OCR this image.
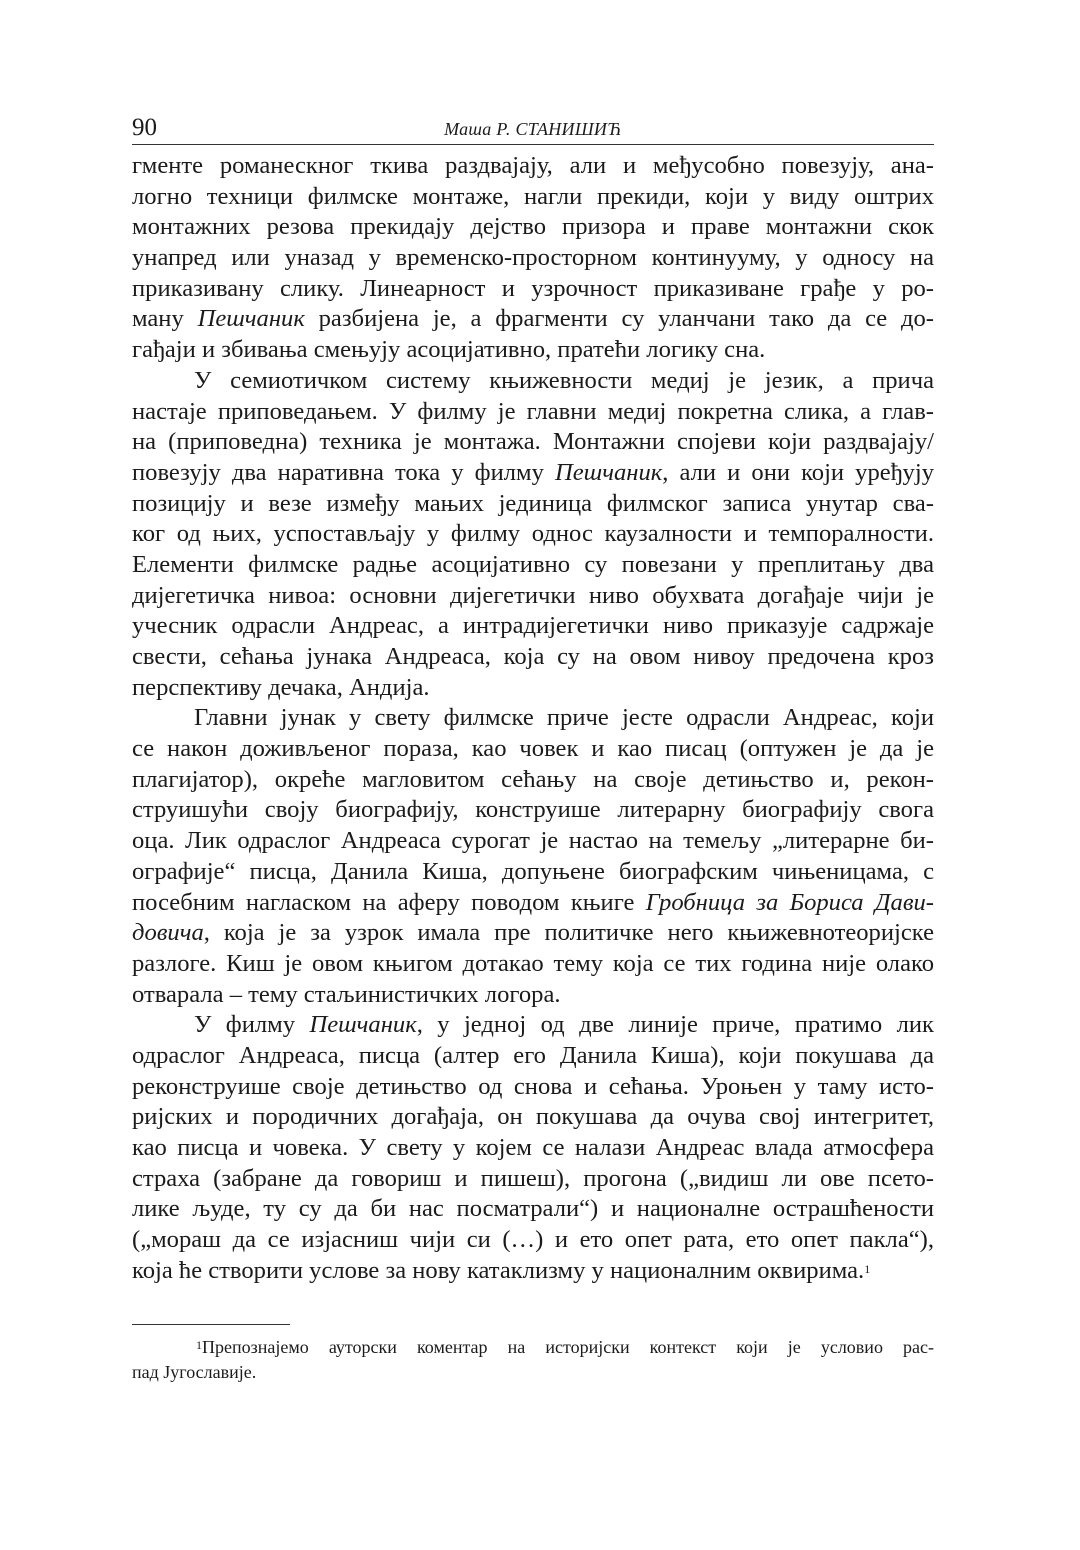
90	Маша Р. СТАНИШИЋ
гменте романескног ткива раздвајају, али и међусобно повезују, ана-
логно техници филмске монтаже, нагли прекиди, који у виду оштрих
монтажних резова прекидају дејство призора и праве монтажни скок
унапред или уназад у временско-просторном континууму, у односу на
приказивану слику. Линеарност и узрочност приказиване грађе у ро-
ману Пешчаник разбијена је, а фрагменти су уланчани тако да се до-
гађаји и збивања смењују асоцијативно, пратећи логику сна.
У семиотичком систему књижевности медиј је језик, а прича
настаје приповедањем. У филму је главни медиј покретна слика, а глав-
на (приповедна) техника је монтажа. Монтажни спојеви који раздвајају/
повезују два наративна тока у филму Пешчаник, али и они који уређују
позицију и везе између мањих јединица филмског записа унутар сва-
ког од њих, успостављају у филму однос каузалности и темпоралности.
Елементи филмске радње асоцијативно су повезани у преплитању два
дијегетичка нивоа: основни дијегетички ниво обухвата догађаје чији је
учесник одрасли Андреас, а интрадијегетички ниво приказује садржаје
свести, сећања јунака Андреаса, која су на овом нивоу предочена кроз
перспективу дечака, Андија.
Главни јунак у свету филмске приче јесте одрасли Андреас, који
се након доживљеног пораза, као човек и као писац (оптужен је да је
плагијатор), окреће магловитом сећању на своје детињство и, рекон-
струишући своју биографију, конструише литерарну биографију свога
оца. Лик одраслог Андреаса сурогат је настао на темељу „литерарне би-
ографије“ писца, Данила Киша, допуњене биографским чињеницама, с
посебним нагласком на аферу поводом књиге Гробница за Бориса Дави-
довича, која је за узрок имала пре политичке него књижевнотеоријске
разлоге. Киш је овом књигом дотакао тему која се тих година није олако
отварала – тему стаљинистичких логора.
У филму Пешчаник, у једној од две линије приче, пратимо лик
одраслог Андреаса, писца (алтер его Данила Киша), који покушава да
реконструише своје детињство од снова и сећања. Уроњен у таму исто-
ријских и породичних догађаја, он покушава да очува свој интегритет,
као писца и човека. У свету у којем се налази Андреас влада атмосфера
страха (забране да говориш и пишеш), прогона („видиш ли ове псето-
лике људе, ту су да би нас посматрали“) и националне острашћености
(„мораш да се изјасниш чији си (…) и ето опет рата, ето опет пакла“),
која ће створити услове за нову катаклизму у националним оквирима.$^1$
$^1$Препознајемо ауторски коментар на историјски контекст који је условио рас-
пад Југославије.
